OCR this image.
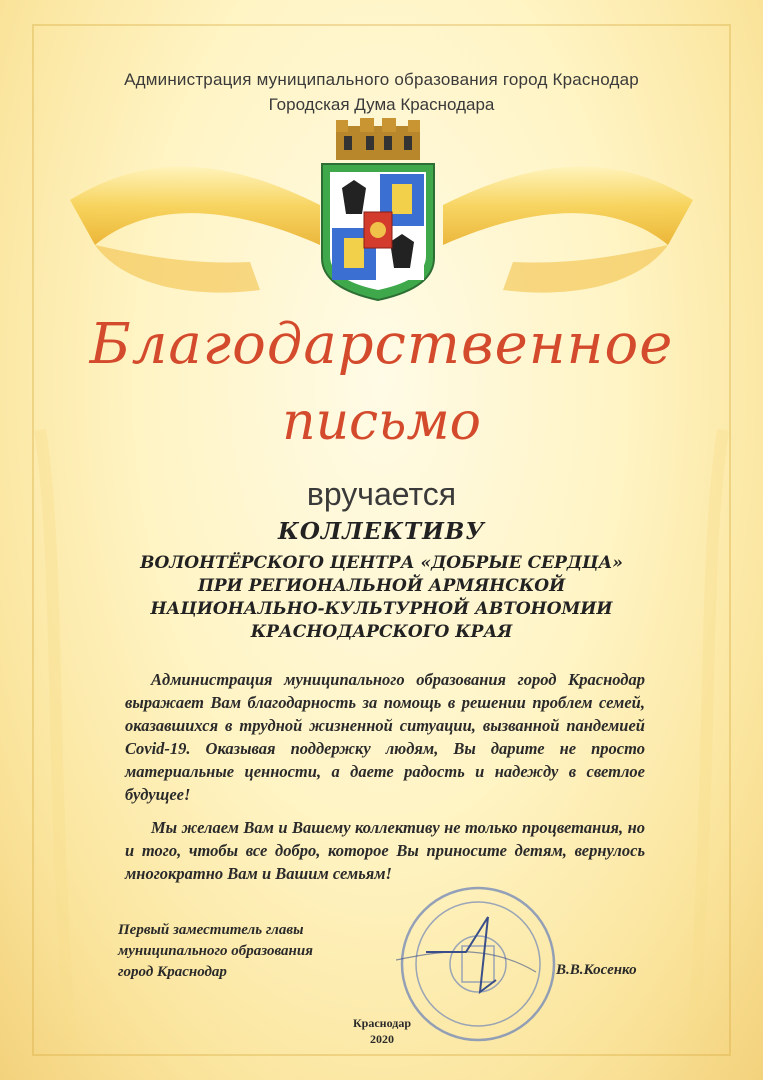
Администрация муниципального образования город Краснодар
Городская Дума Краснодара
Благодарственное
письмо
вручается
КОЛЛЕКТИВУ
ВОЛОНТЁРСКОГО ЦЕНТРА «ДОБРЫЕ СЕРДЦА»
ПРИ РЕГИОНАЛЬНОЙ АРМЯНСКОЙ
НАЦИОНАЛЬНО-КУЛЬТУРНОЙ АВТОНОМИИ
КРАСНОДАРСКОГО КРАЯ
Администрация муниципального образования город Краснодар выражает Вам благодарность за помощь в решении проблем семей, оказавшихся в трудной жизненной ситуации, вызванной пандемией Covid-19. Оказывая поддержку людям, Вы дарите не просто материальные ценности, а даете радость и надежду в светлое будущее!
Мы желаем Вам и Вашему коллективу не только процветания, но и того, чтобы все добро, которое Вы приносите детям, вернулось многократно Вам и Вашим семьям!
Первый заместитель главы
муниципального образования
город Краснодар	В.В.Косенко
Краснодар
2020
